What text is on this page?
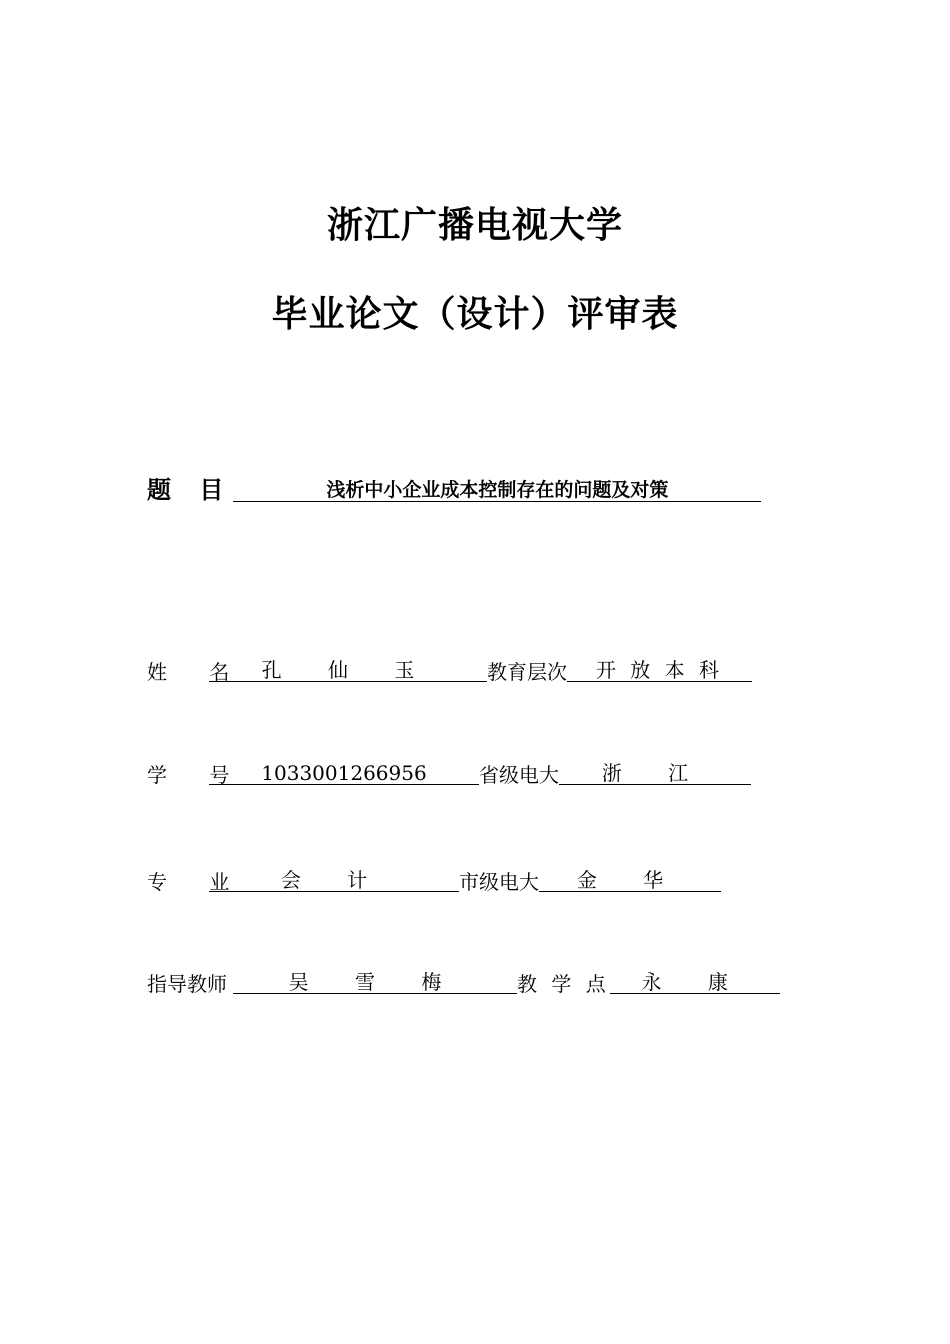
浙江广播电视大学
毕业论文（设计）评审表
题 目	浅析中小企业成本控制存在的问题及对策
姓 名 孔 仙 玉	教育层次	开 放 本 科
学 号 1033001266956	省级电大	浙 江
专 业	会 计	市级电大	金 华
指导教师	吴 雪 梅	教 学 点	永 康
